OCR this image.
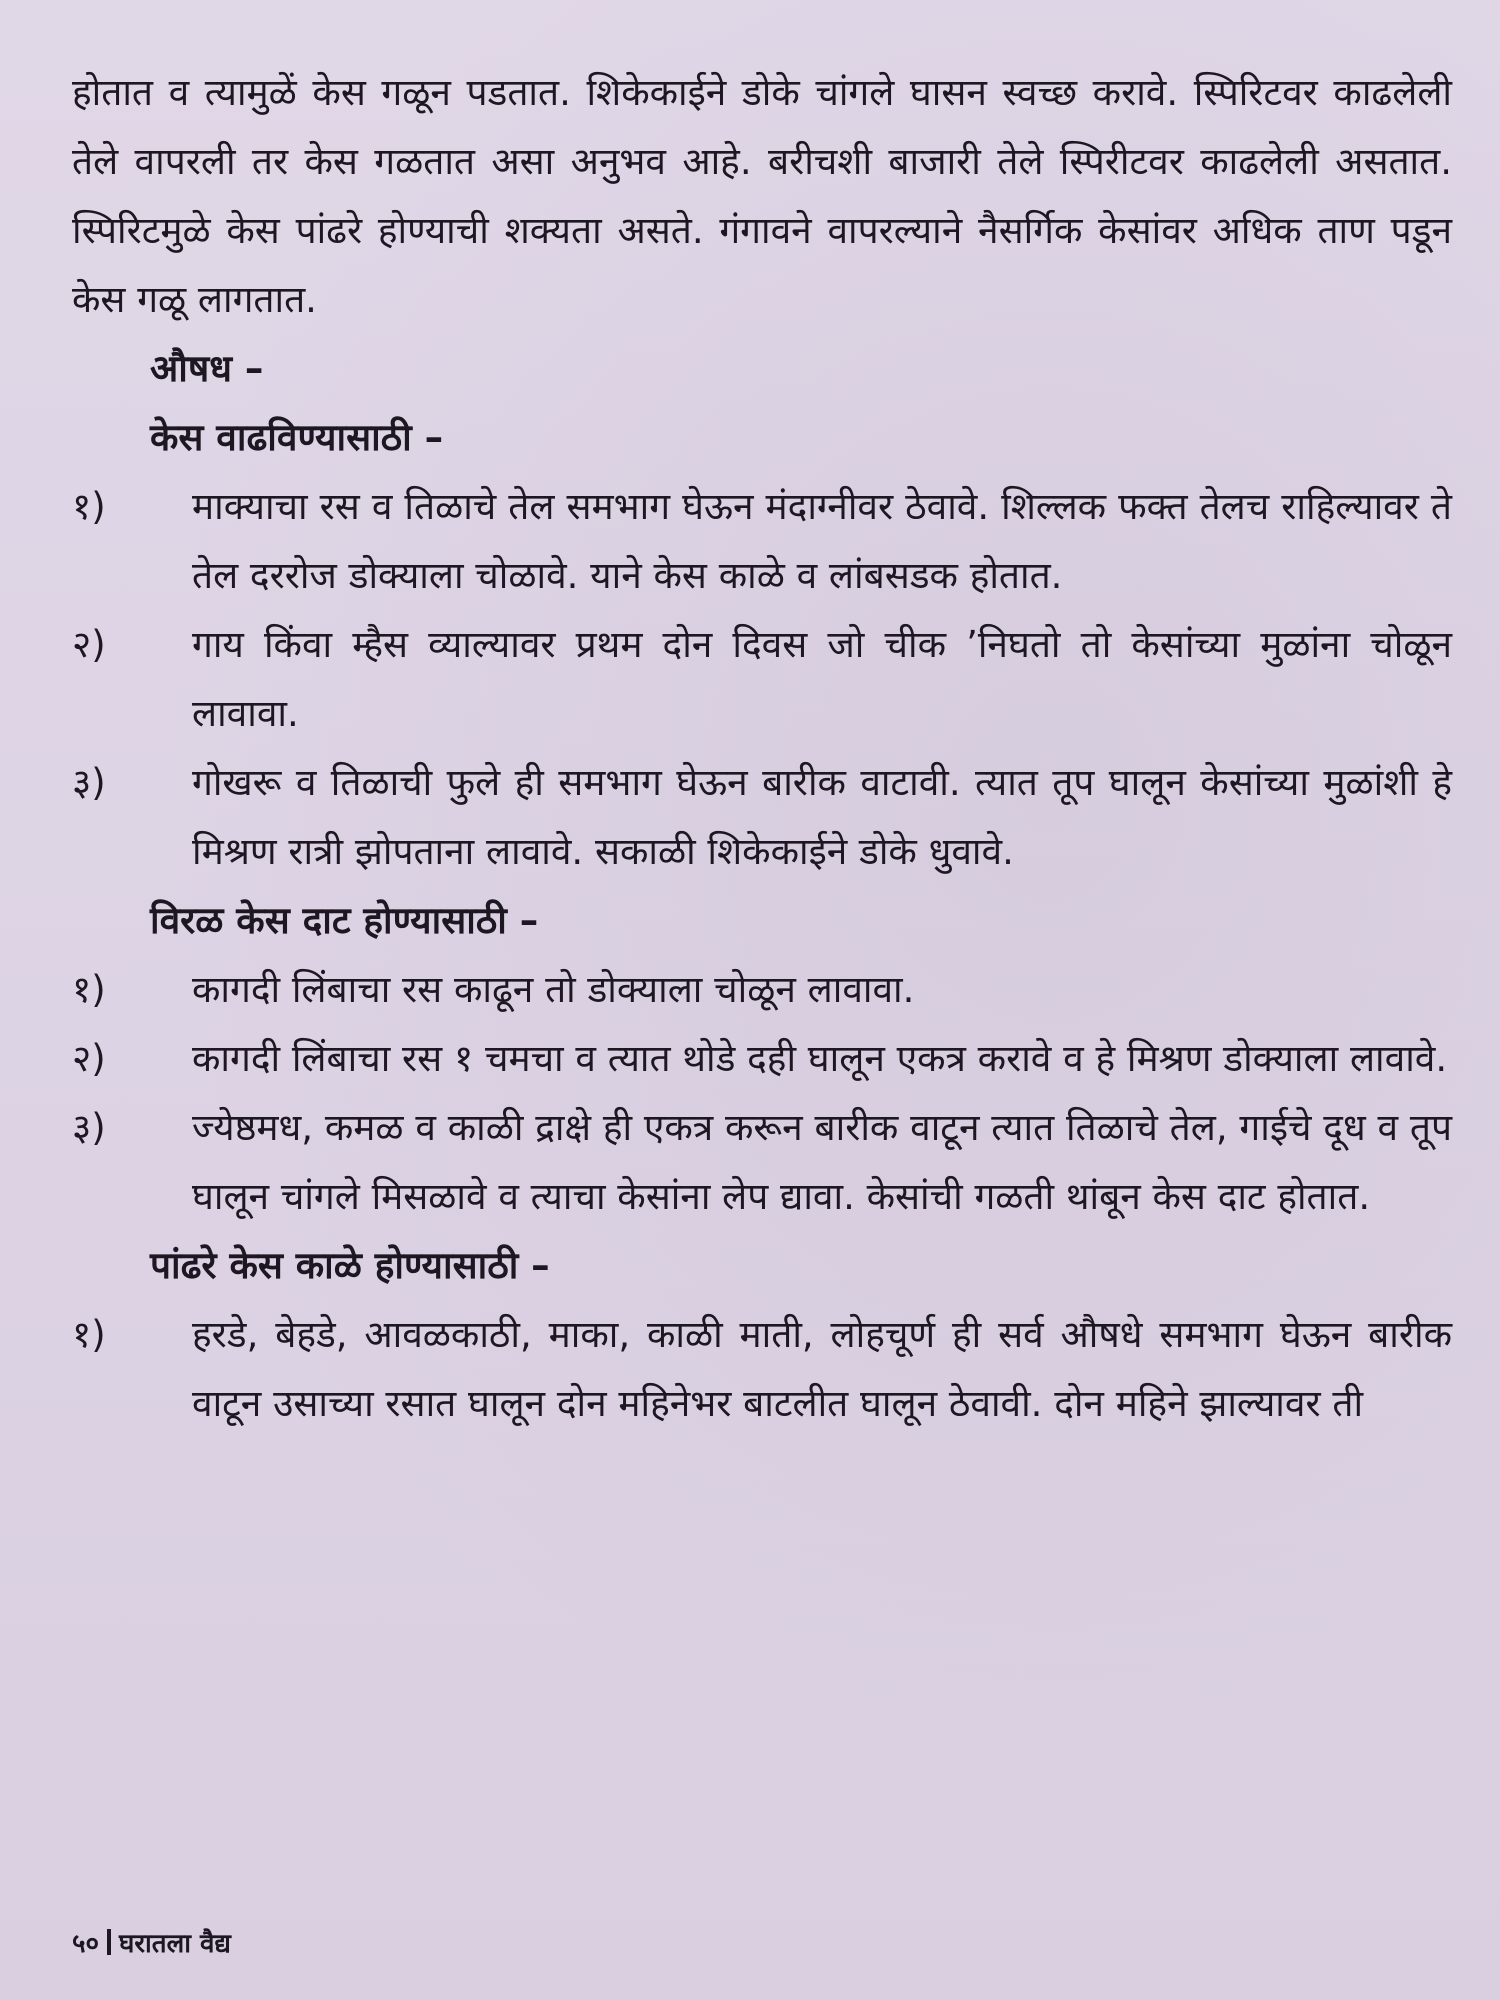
होतात व त्यामुळें केस गळून पडतात. शिकेकाईने डोके चांगले घासन स्वच्छ करावे. स्पिरिटवर काढलेली तेले वापरली तर केस गळतात असा अनुभव आहे. बरीचशी बाजारी तेले स्पिरीटवर काढलेली असतात. स्पिरिटमुळे केस पांढरे होण्याची शक्यता असते. गंगावने वापरल्याने नैसर्गिक केसांवर अधिक ताण पडून केस गळू लागतात.

औषध –

केस वाढविण्यासाठी –

१)	माक्याचा रस व तिळाचे तेल समभाग घेऊन मंदाग्नीवर ठेवावे. शिल्लक फक्त तेलच राहिल्यावर ते तेल दररोज डोक्याला चोळावे. याने केस काळे व लांबसडक होतात.

२)	गाय किंवा म्हैस व्याल्यावर प्रथम दोन दिवस जो चीक ’निघतो तो केसांच्या मुळांना चोळून लावावा.

३)	गोखरू व तिळाची फुले ही समभाग घेऊन बारीक वाटावी. त्यात तूप घालून केसांच्या मुळांशी हे मिश्रण रात्री झोपताना लावावे. सकाळी शिकेकाईने डोके धुवावे.

विरळ केस दाट होण्यासाठी –

१)	कागदी लिंबाचा रस काढून तो डोक्याला चोळून लावावा.

२)	कागदी लिंबाचा रस १ चमचा व त्यात थोडे दही घालून एकत्र करावे व हे मिश्रण डोक्याला लावावे.

३)	ज्येष्ठमध, कमळ व काळी द्राक्षे ही एकत्र करून बारीक वाटून त्यात तिळाचे तेल, गाईचे दूध व तूप घालून चांगले मिसळावे व त्याचा केसांना लेप द्यावा. केसांची गळती थांबून केस दाट होतात.

पांढरे केस काळे होण्यासाठी –

१)	हरडे, बेहडे, आवळकाठी, माका, काळी माती, लोहचूर्ण ही सर्व औषधे समभाग घेऊन बारीक वाटून उसाच्या रसात घालून दोन महिनेभर बाटलीत घालून ठेवावी. दोन महिने झाल्यावर ती

५० घरातला वैद्य
